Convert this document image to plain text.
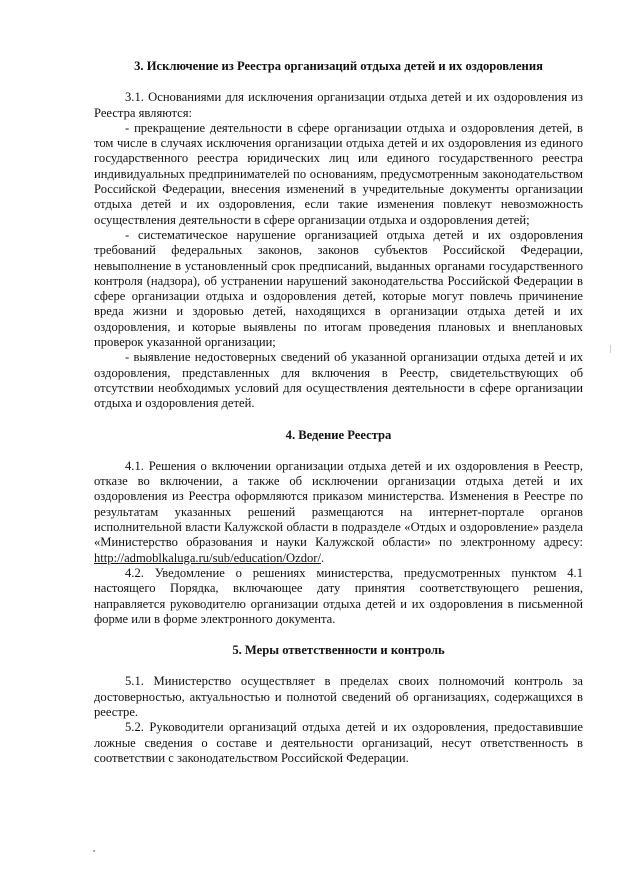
3. Исключение из Реестра организаций отдыха детей и их оздоровления

3.1. Основаниями для исключения организации отдыха детей и их оздоровления из Реестра являются:

- прекращение деятельности в сфере организации отдыха и оздоровления детей, в том числе в случаях исключения организации отдыха детей и их оздоровления из единого государственного реестра юридических лиц или единого государственного реестра индивидуальных предпринимателей по основаниям, предусмотренным законодательством Российской Федерации, внесения изменений в учредительные документы организации отдыха детей и их оздоровления, если такие изменения повлекут невозможность осуществления деятельности в сфере организации отдыха и оздоровления детей;

- систематическое нарушение организацией отдыха детей и их оздоровления требований федеральных законов, законов субъектов Российской Федерации, невыполнение в установленный срок предписаний, выданных органами государственного контроля (надзора), об устранении нарушений законодательства Российской Федерации в сфере организации отдыха и оздоровления детей, которые могут повлечь причинение вреда жизни и здоровью детей, находящихся в организации отдыха детей и их оздоровления, и которые выявлены по итогам проведения плановых и внеплановых проверок указанной организации;

- выявление недостоверных сведений об указанной организации отдыха детей и их оздоровления, представленных для включения в Реестр, свидетельствующих об отсутствии необходимых условий для осуществления деятельности в сфере организации отдыха и оздоровления детей.

4. Ведение Реестра

4.1. Решения о включении организации отдыха детей и их оздоровления в Реестр, отказе во включении, а также об исключении организации отдыха детей и их оздоровления из Реестра оформляются приказом министерства. Изменения в Реестре по результатам указанных решений размещаются на интернет-портале органов исполнительной власти Калужской области в подразделе «Отдых и оздоровление» раздела «Министерство образования и науки Калужской области» по электронному адресу: http://admoblkaluga.ru/sub/education/Ozdor/.

4.2. Уведомление о решениях министерства, предусмотренных пунктом 4.1 настоящего Порядка, включающее дату принятия соответствующего решения, направляется руководителю организации отдыха детей и их оздоровления в письменной форме или в форме электронного документа.

5. Меры ответственности и контроль

5.1. Министерство осуществляет в пределах своих полномочий контроль за достоверностью, актуальностью и полнотой сведений об организациях, содержащихся в реестре.

5.2. Руководители организаций отдыха детей и их оздоровления, предоставившие ложные сведения о составе и деятельности организаций, несут ответственность в соответствии с законодательством Российской Федерации.
